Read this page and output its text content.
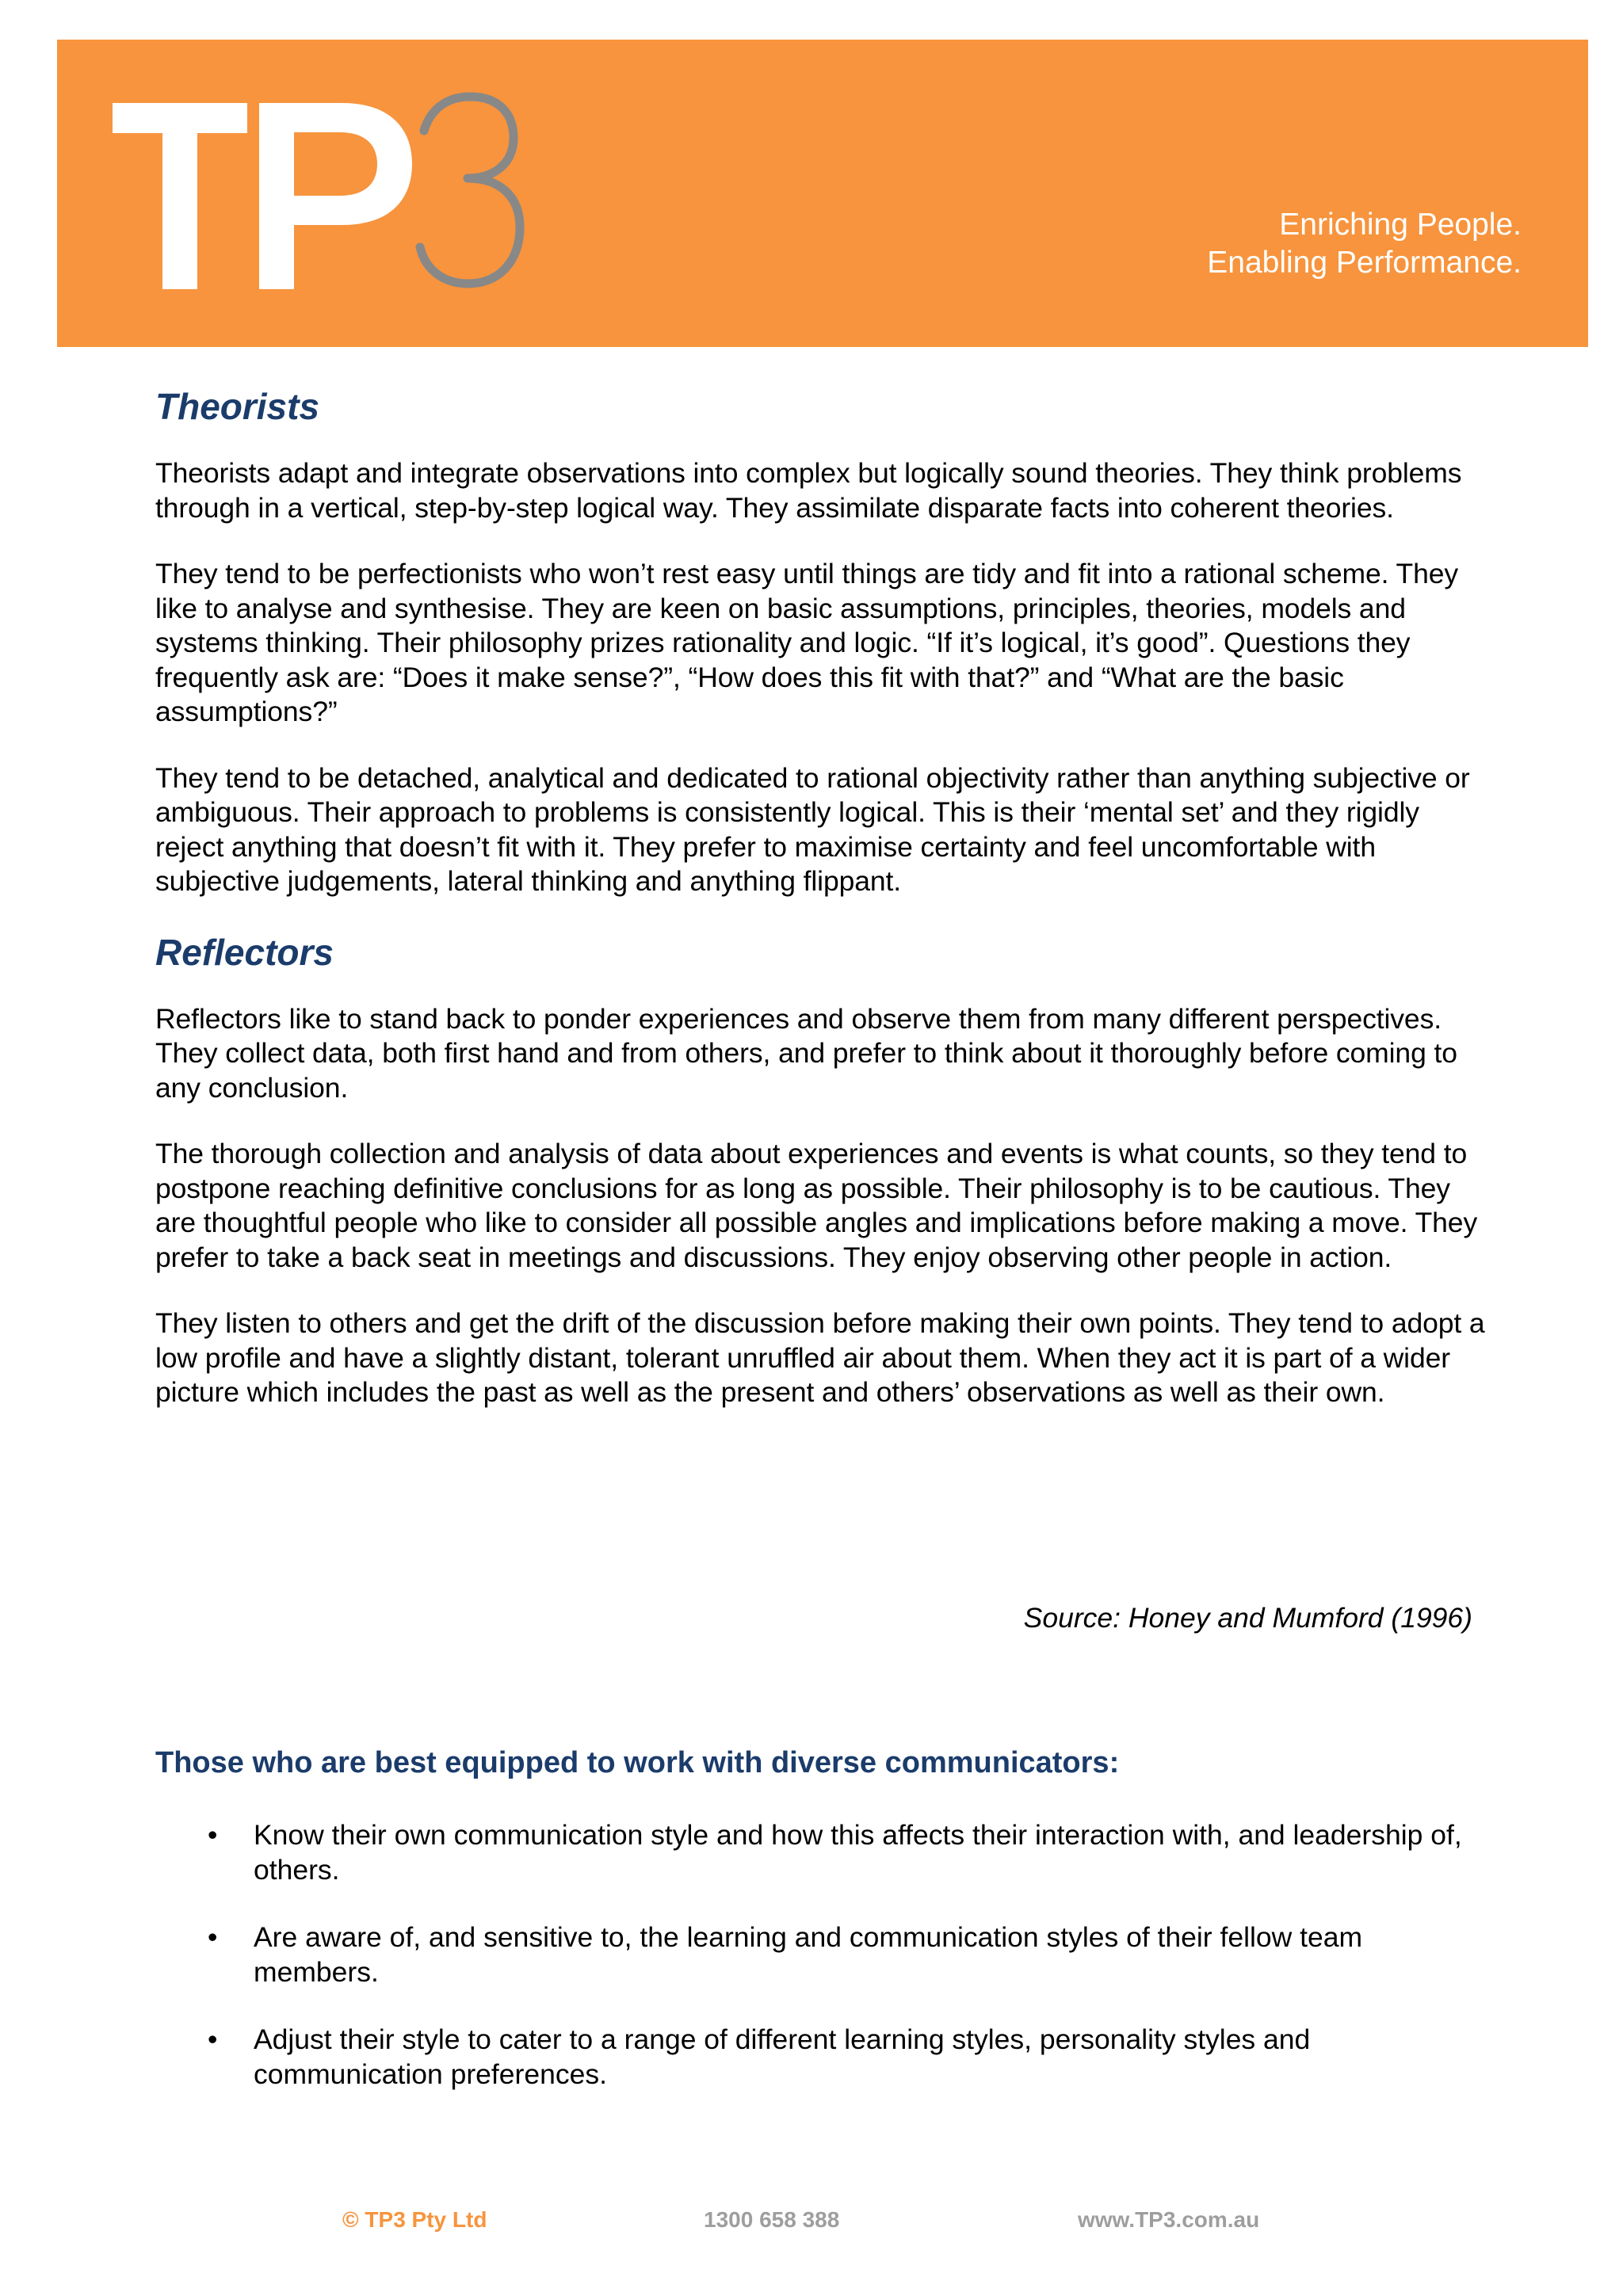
Enriching People.
Enabling Performance.
Theorists

Theorists adapt and integrate observations into complex but logically sound theories. They think problems through in a vertical, step-by-step logical way. They assimilate disparate facts into coherent theories.

They tend to be perfectionists who won’t rest easy until things are tidy and fit into a rational scheme. They like to analyse and synthesise. They are keen on basic assumptions, principles, theories, models and systems thinking. Their philosophy prizes rationality and logic. “If it’s logical, it’s good”. Questions they frequently ask are: “Does it make sense?”, “How does this fit with that?” and “What are the basic assumptions?”

They tend to be detached, analytical and dedicated to rational objectivity rather than anything subjective or ambiguous. Their approach to problems is consistently logical. This is their ‘mental set’ and they rigidly reject anything that doesn’t fit with it. They prefer to maximise certainty and feel uncomfortable with subjective judgements, lateral thinking and anything flippant.

Reflectors

Reflectors like to stand back to ponder experiences and observe them from many different perspectives. They collect data, both first hand and from others, and prefer to think about it thoroughly before coming to any conclusion.

The thorough collection and analysis of data about experiences and events is what counts, so they tend to postpone reaching definitive conclusions for as long as possible. Their philosophy is to be cautious. They are thoughtful people who like to consider all possible angles and implications before making a move. They prefer to take a back seat in meetings and discussions. They enjoy observing other people in action.

They listen to others and get the drift of the discussion before making their own points. They tend to adopt a low profile and have a slightly distant, tolerant unruffled air about them. When they act it is part of a wider picture which includes the past as well as the present and others’ observations as well as their own.

Source: Honey and Mumford (1996)
Those who are best equipped to work with diverse communicators:
• Know their own communication style and how this affects their interaction with, and leadership of, others.
• Are aware of, and sensitive to, the learning and communication styles of their fellow team members.
• Adjust their style to cater to a range of different learning styles, personality styles and communication preferences.
© TP3 Pty Ltd	1300 658 388	www.TP3.com.au
